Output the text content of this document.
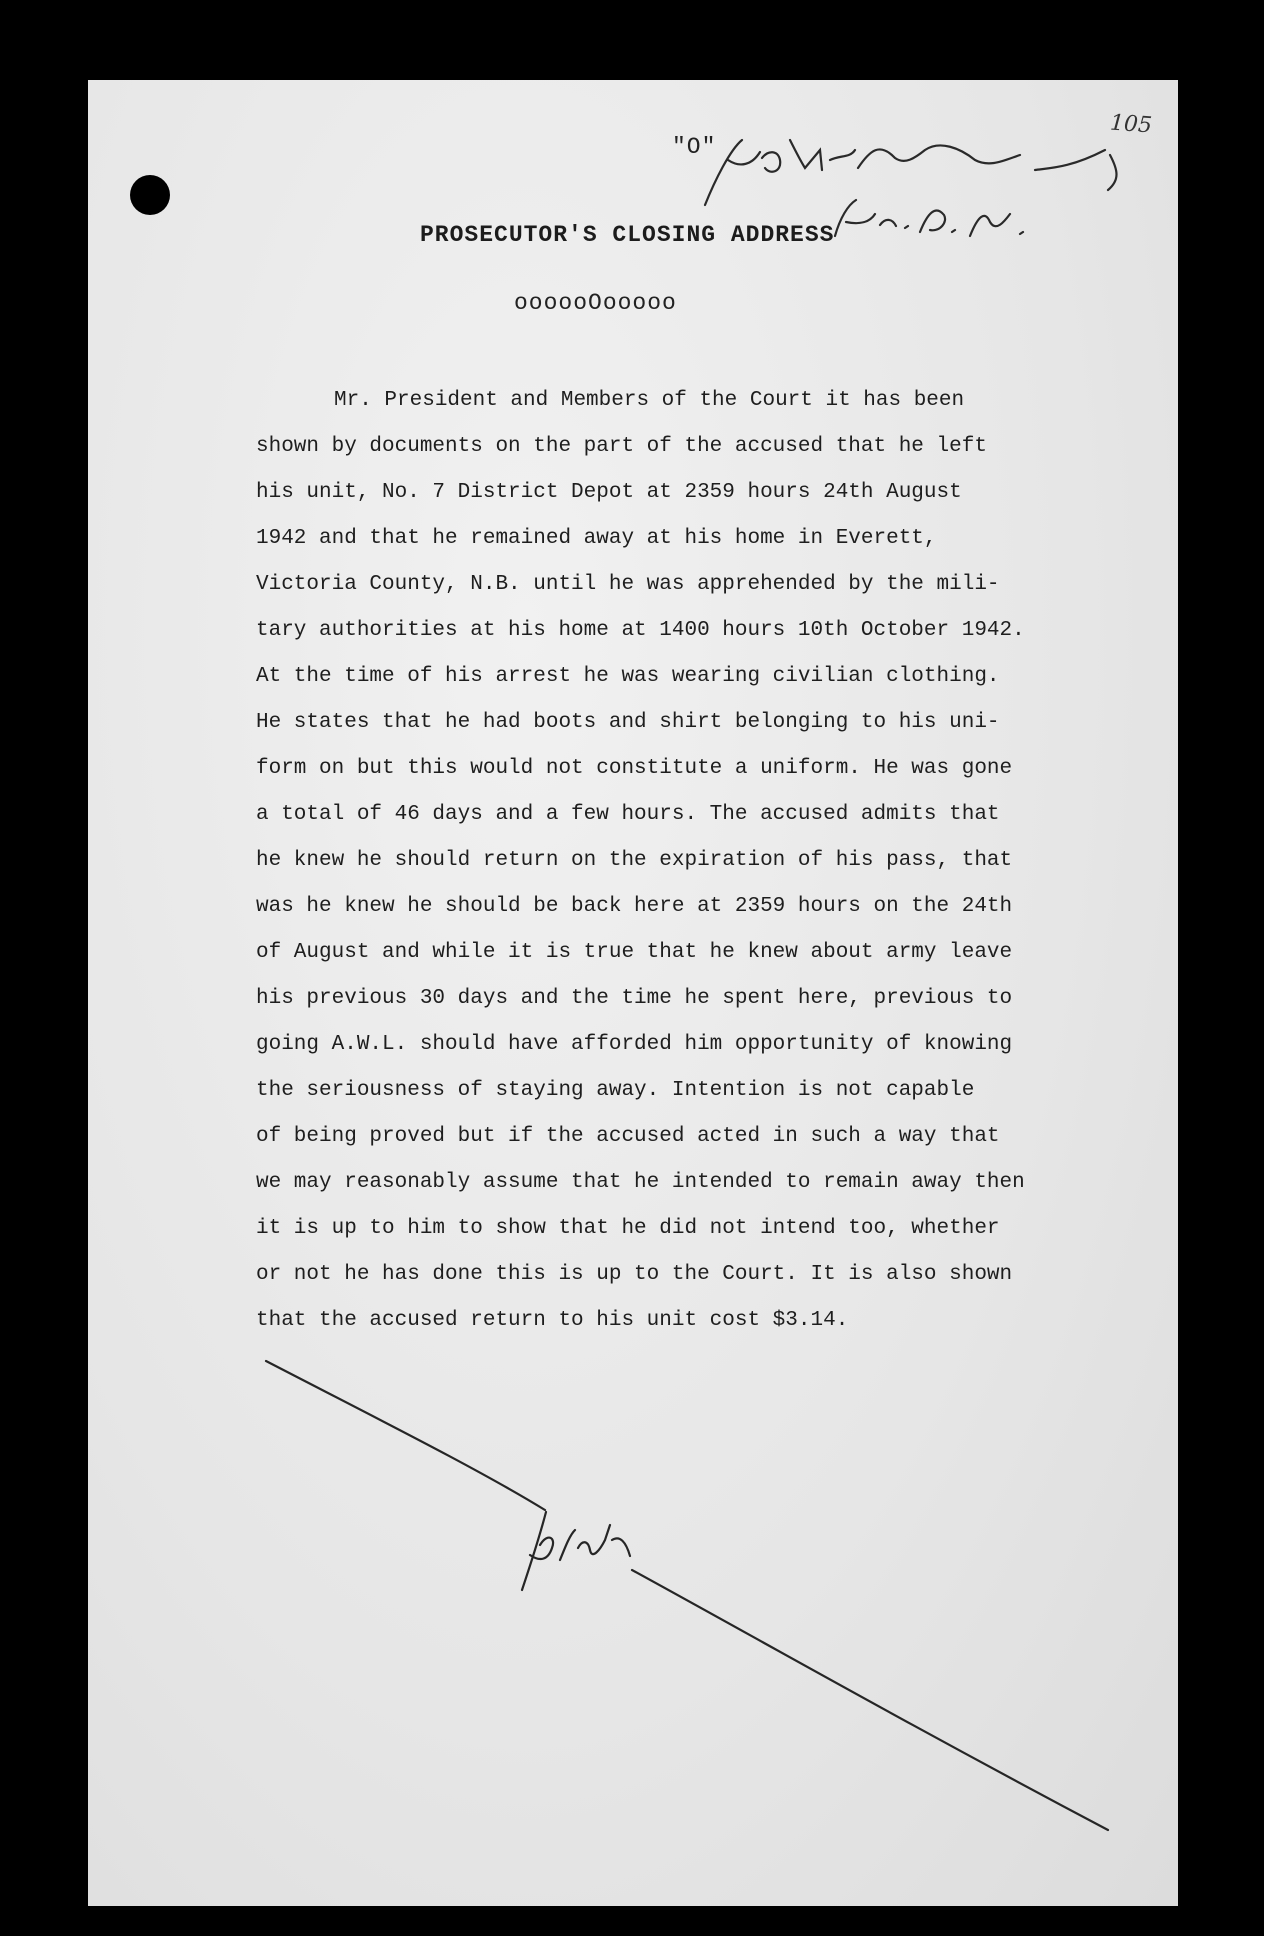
105
"O"
PROSECUTOR'S CLOSING ADDRESS
oooooOooooo
Mr. President and Members of the Court it has been
shown by documents on the part of the accused that he left
his unit, No. 7 District Depot at 2359 hours 24th August
1942 and that he remained away at his home in Everett,
Victoria County, N.B. until he was apprehended by the mili-
tary authorities at his home at 1400 hours 10th October 1942.
At the time of his arrest he was wearing civilian clothing.
He states that he had boots and shirt belonging to his uni-
form on but this would not constitute a uniform. He was gone
a total of 46 days and a few hours. The accused admits that
he knew he should return on the expiration of his pass, that
was he knew he should be back here at 2359 hours on the 24th
of August and while it is true that he knew about army leave
his previous 30 days and the time he spent here, previous to
going A.W.L. should have afforded him opportunity of knowing
the seriousness of staying away. Intention is not capable
of being proved but if the accused acted in such a way that
we may reasonably assume that he intended to remain away then
it is up to him to show that he did not intend too, whether
or not he has done this is up to the Court. It is also shown
that the accused return to his unit cost $3.14.
